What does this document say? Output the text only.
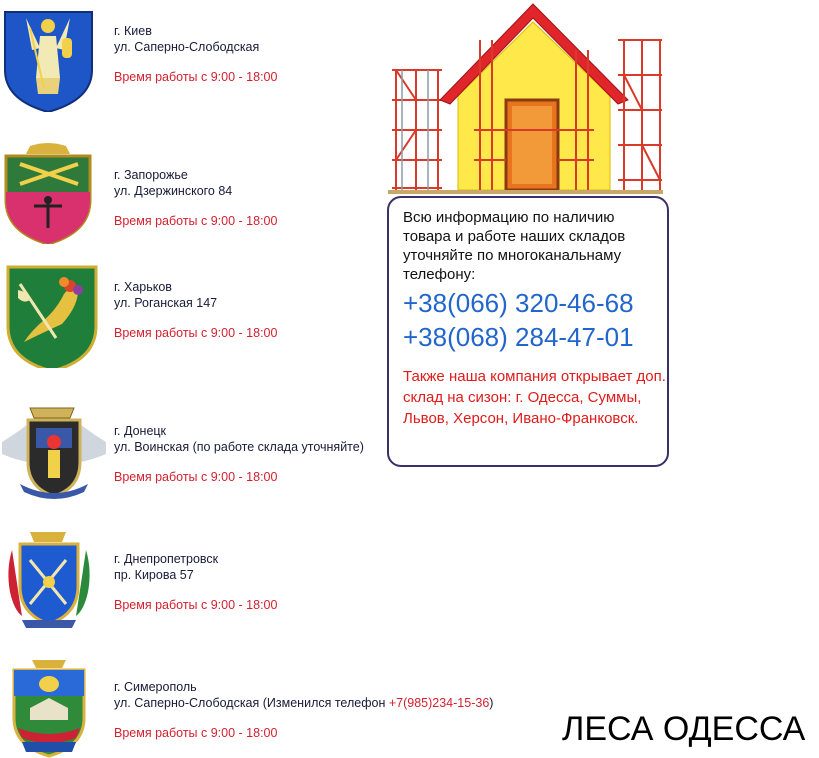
г. Киев
ул. Саперно-Слободская
Время работы с 9:00 - 18:00
г. Запорожье
ул. Дзержинского 84
Время работы с 9:00 - 18:00
г. Харьков
ул. Роганская 147
Время работы с 9:00 - 18:00
г. Донецк
ул. Воинская (по работе склада уточняйте)
Время работы с 9:00 - 18:00
г. Днепропетровск
пр. Кирова 57
Время работы с 9:00 - 18:00
г. Симерополь
ул. Саперно-Слободская (Изменился телефон +7(985)234-15-36)
Время работы с 9:00 - 18:00
Всю информацию по наличию товара и работе наших складов уточняйте по многоканальнаму телефону:
+38(066) 320-46-68
+38(068) 284-47-01
Также наша компания открывает доп. склад на сизон: г. Одесса, Суммы, Львов, Херсон, Ивано-Франковск.
ЛЕСА ОДЕССА
